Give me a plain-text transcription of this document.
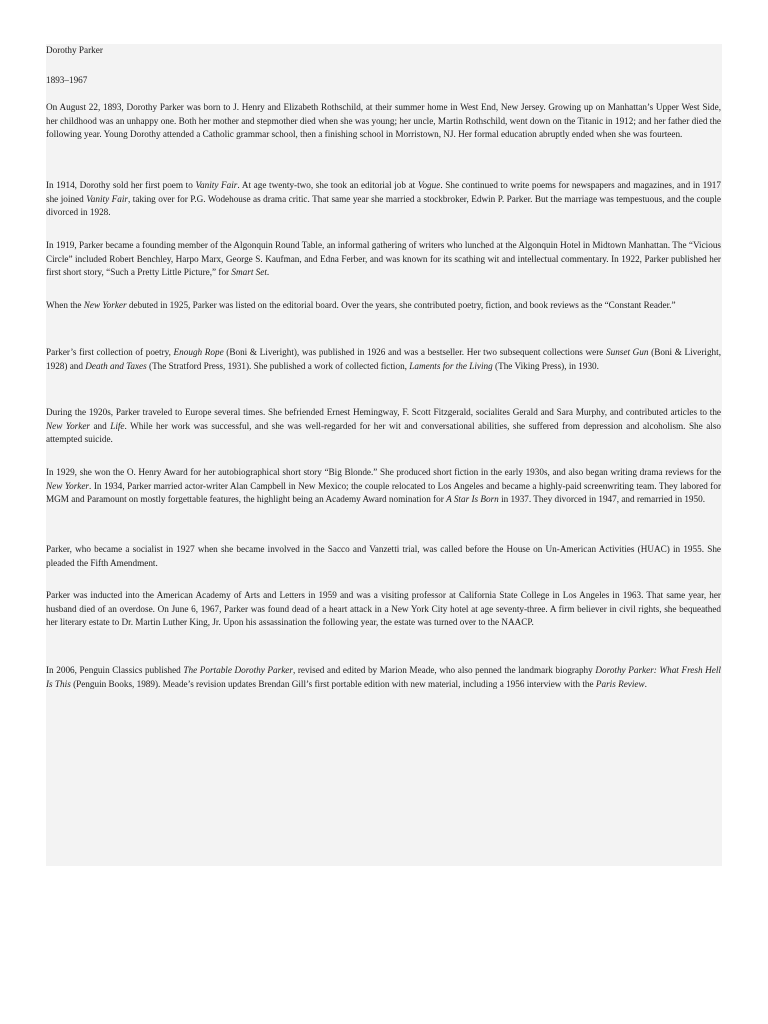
Dorothy Parker
1893–1967

On August 22, 1893, Dorothy Parker was born to J. Henry and Elizabeth Rothschild, at their summer home in West End, New Jersey. Growing up on Manhattan’s Upper West Side, her childhood was an unhappy one. Both her mother and stepmother died when she was young; her uncle, Martin Rothschild, went down on the Titanic in 1912; and her father died the following year. Young Dorothy attended a Catholic grammar school, then a finishing school in Morristown, NJ. Her formal education abruptly ended when she was fourteen.

In 1914, Dorothy sold her first poem to Vanity Fair. At age twenty-two, she took an editorial job at Vogue. She continued to write poems for newspapers and magazines, and in 1917 she joined Vanity Fair, taking over for P.G. Wodehouse as drama critic. That same year she married a stockbroker, Edwin P. Parker. But the marriage was tempestuous, and the couple divorced in 1928.

In 1919, Parker became a founding member of the Algonquin Round Table, an informal gathering of writers who lunched at the Algonquin Hotel in Midtown Manhattan. The “Vicious Circle” included Robert Benchley, Harpo Marx, George S. Kaufman, and Edna Ferber, and was known for its scathing wit and intellectual commentary. In 1922, Parker published her first short story, “Such a Pretty Little Picture,” for Smart Set.

When the New Yorker debuted in 1925, Parker was listed on the editorial board. Over the years, she contributed poetry, fiction, and book reviews as the “Constant Reader.”

Parker’s first collection of poetry, Enough Rope (Boni & Liveright), was published in 1926 and was a bestseller. Her two subsequent collections were Sunset Gun (Boni & Liveright, 1928) and Death and Taxes (The Stratford Press, 1931). She published a work of collected fiction, Laments for the Living (The Viking Press), in 1930.

During the 1920s, Parker traveled to Europe several times. She befriended Ernest Hemingway, F. Scott Fitzgerald, socialites Gerald and Sara Murphy, and contributed articles to the New Yorker and Life. While her work was successful, and she was well-regarded for her wit and conversational abilities, she suffered from depression and alcoholism. She also attempted suicide.

In 1929, she won the O. Henry Award for her autobiographical short story “Big Blonde.” She produced short fiction in the early 1930s, and also began writing drama reviews for the New Yorker. In 1934, Parker married actor-writer Alan Campbell in New Mexico; the couple relocated to Los Angeles and became a highly-paid screenwriting team. They labored for MGM and Paramount on mostly forgettable features, the highlight being an Academy Award nomination for A Star Is Born in 1937. They divorced in 1947, and remarried in 1950.

Parker, who became a socialist in 1927 when she became involved in the Sacco and Vanzetti trial, was called before the House on Un-American Activities (HUAC) in 1955. She pleaded the Fifth Amendment.

Parker was inducted into the American Academy of Arts and Letters in 1959 and was a visiting professor at California State College in Los Angeles in 1963. That same year, her husband died of an overdose. On June 6, 1967, Parker was found dead of a heart attack in a New York City hotel at age seventy-three. A firm believer in civil rights, she bequeathed her literary estate to Dr. Martin Luther King, Jr. Upon his assassination the following year, the estate was turned over to the NAACP.

In 2006, Penguin Classics published The Portable Dorothy Parker, revised and edited by Marion Meade, who also penned the landmark biography Dorothy Parker: What Fresh Hell Is This (Penguin Books, 1989). Meade’s revision updates Brendan Gill’s first portable edition with new material, including a 1956 interview with the Paris Review.
